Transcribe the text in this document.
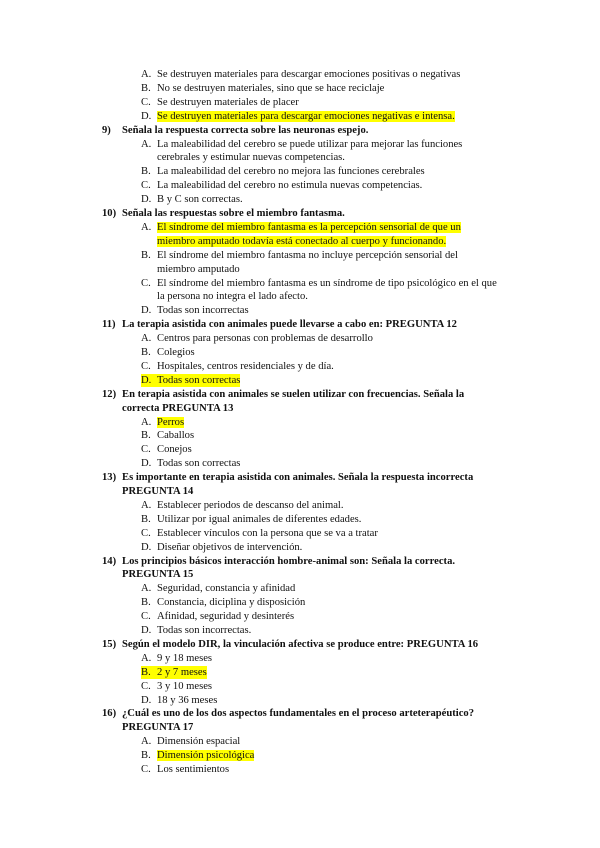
A. Se destruyen materiales para descargar emociones positivas o negativas
B. No se destruyen materiales, sino que se hace reciclaje
C. Se destruyen materiales de placer
D. Se destruyen materiales para descargar emociones negativas e intensa.
9) Señala la respuesta correcta sobre las neuronas espejo.
A. La maleabilidad del cerebro se puede utilizar para mejorar las funciones
cerebrales y estimular nuevas competencias.
B. La maleabilidad del cerebro no mejora las funciones cerebrales
C. La maleabilidad del cerebro no estimula nuevas competencias.
D. B y C son correctas.
10) Señala las respuestas sobre el miembro fantasma.
A. El síndrome del miembro fantasma es la percepción sensorial de que un
miembro amputado todavía está conectado al cuerpo y funcionando.
B. El síndrome del miembro fantasma no incluye percepción sensorial del
miembro amputado
C. El síndrome del miembro fantasma es un síndrome de tipo psicológico en el que
la persona no integra el lado afecto.
D. Todas son incorrectas
11) La terapia asistida con animales puede llevarse a cabo en: PREGUNTA 12
A. Centros para personas con problemas de desarrollo
B. Colegios
C. Hospitales, centros residenciales y de día.
D. Todas son correctas
12) En terapia asistida con animales se suelen utilizar con frecuencias. Señala la
correcta PREGUNTA 13
A. Perros
B. Caballos
C. Conejos
D. Todas son correctas
13) Es importante en terapia asistida con animales. Señala la respuesta incorrecta
PREGUNTA 14
A. Establecer periodos de descanso del animal.
B. Utilizar por igual animales de diferentes edades.
C. Establecer vínculos con la persona que se va a tratar
D. Diseñar objetivos de intervención.
14) Los principios básicos interacción hombre-animal son: Señala la correcta.
PREGUNTA 15
A. Seguridad, constancia y afinidad
B. Constancia, diciplina y disposición
C. Afinidad, seguridad y desinterés
D. Todas son incorrectas.
15) Según el modelo DIR, la vinculación afectiva se produce entre: PREGUNTA 16
A. 9 y 18 meses
B. 2 y 7 meses
C. 3 y 10 meses
D. 18 y 36 meses
16) ¿Cuál es uno de los dos aspectos fundamentales en el proceso arteterapéutico?
PREGUNTA 17
A. Dimensión espacial
B. Dimensión psicológica
C. Los sentimientos
